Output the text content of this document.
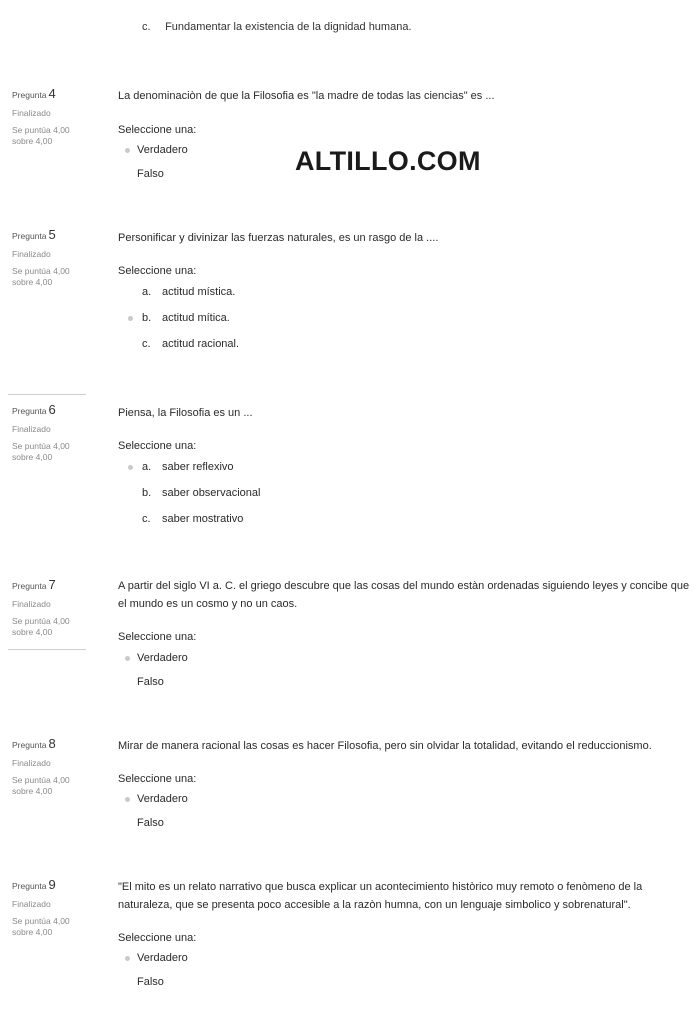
c. Fundamentar la existencia de la dignidad humana.
Pregunta 4
Finalizado
Se puntúa 4,00
sobre 4,00
La denominaciòn de que la Filosofia es "la madre de todas las ciencias" es ...
Seleccione una:
Verdadero
Falso	ALTILLO.COM
Pregunta 5
Finalizado
Se puntúa 4,00
sobre 4,00
Personificar y divinizar las fuerzas naturales, es un rasgo de la ....
Seleccione una:
a. actitud mística.
b. actitud mítica.
c.	actitud racional.
Pregunta 6
Finalizado
Se puntúa 4,00
sobre 4,00
Piensa, la Filosofia es un ...
Seleccione una:
a. saber reflexivo
b. saber observacional
c.	saber mostrativo
Pregunta 7
Finalizado
Se puntúa 4,00
sobre 4,00
A partir del siglo VI a. C. el griego descubre que las cosas del mundo estàn ordenadas siguiendo leyes y concibe que el mundo es un cosmo y no un caos.
Seleccione una:
Verdadero
Falso
Pregunta 8
Finalizado
Se puntúa 4,00
sobre 4,00
Mirar de manera racional las cosas es hacer Filosofia, pero sin olvidar la totalidad, evitando el reduccionismo.
Seleccione una:
Verdadero
Falso
Pregunta 9
Finalizado
Se puntúa 4,00
sobre 4,00
"El mito es un relato narrativo que busca explicar un acontecimiento històrico muy remoto o fenòmeno de la naturaleza, que se presenta poco accesible a la razòn humna, con un lenguaje simbolico y sobrenatural".
Seleccione una:
Verdadero
Falso
